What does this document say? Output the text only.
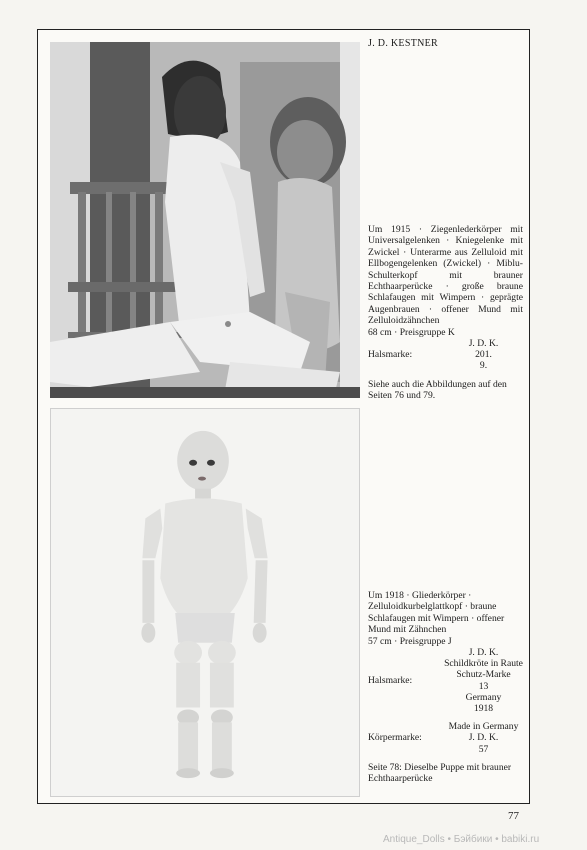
J. D. KESTNER

Um 1915 · Ziegenlederkörper mit Universalgelenken · Kniegelenke mit Zwickel · Unterarme aus Zelluloid mit Ellbogengelenken (Zwickel) · Miblu-Schulterkopf mit brauner Echthaarperücke · große braune Schlafaugen mit Wimpern · geprägte Augenbrauen · offener Mund mit Zelluloidzähnchen

68 cm · Preisgruppe K

Halsmarke:
J. D. K.
201.
9.

Siehe auch die Abbildungen auf den Seiten 76 und 79.

Um 1918 · Gliederkörper · Zelluloidkurbelglattkopf · braune Schlafaugen mit Wimpern · offener Mund mit Zähnchen

57 cm · Preisgruppe J

Halsmarke:
J. D. K.
Schildkröte in Raute
Schutz-Marke
13
Germany
1918
Körpermarke:
Made in Germany
J. D. K.
57

Seite 78: Dieselbe Puppe mit brauner Echthaarperücke

77
Antique_Dolls • Бэйбики • babiki.ru
